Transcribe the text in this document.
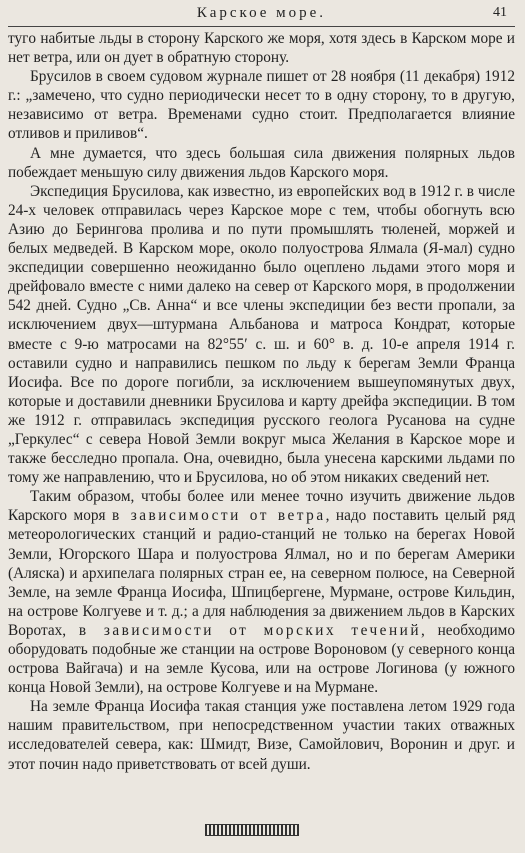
Карское море.	41

тугo набитые льды в сторону Карского же моря, хотя здесь в Карском море и нет ветра, или он дует в обратную сторону.

Брусилов в своем судовом журнале пишет от 28 ноября (11 декабря) 1912 г.: „замечено, что судно периодически несет то в одну сторону, то в другую, независимо от ветра. Временами судно стоит. Предполагается влияние отливов и приливов“.

А мне думается, что здесь большая сила движения полярных льдов побеждает меньшую силу движения льдов Карского моря.

Экспедиция Брусилова, как известно, из европейских вод в 1912 г. в числе 24-х человек отправилась через Карское море с тем, чтобы обогнуть всю Азию до Берингова пролива и по пути промышлять тюленей, моржей и белых медведей. В Карском море, около полуострова Ялмала (Я-мал) судно экспедиции совершенно неожиданно было оцеплено льдами этого моря и дрейфовало вместе с ними далеко на север от Карского моря, в продолжении 542 дней. Судно „Св. Анна“ и все члены экспедиции без вести пропали, за исключением двух—штурмана Альбанова и матроса Кондрат, которые вместе с 9-ю матросами на 82°55′ с. ш. и 60° в. д. 10-е апреля 1914 г. оставили судно и направились пешком по льду к берегам Земли Франца Иосифа. Все по дороге погибли, за исключением вышеупомянутых двух, которые и доставили дневники Брусилова и карту дрейфа экспедиции. В том же 1912 г. отправилась экспедиция русского геолога Русанова на судне „Геркулес“ с севера Новой Земли вокруг мыса Желания в Карское море и также бесследно пропала. Она, очевидно, была унесена карскими льдами по тому же направлению, что и Брусилова, но об этом никаких сведений нет.

Таким образом, чтобы более или менее точно изучить движение льдов Карского моря в зависимости от ветра, надо поставить целый ряд метеорологических станций и радио-станций не только на берегах Новой Земли, Югорского Шара и полуострова Ялмал, но и по берегам Америки (Аляска) и архипелага полярных стран ее, на северном полюсе, на Северной Земле, на земле Франца Иосифа, Шпицбергене, Мурмане, острове Кильдин, на острове Колгуеве и т. д.; а для наблюдения за движением льдов в Карских Воротах, в зависимости от морских течений, необходимо оборудовать подобные же станции на острове Вороновом (у северного конца острова Вайгача) и на земле Кусова, или на острове Логинова (у южного конца Новой Земли), на острове Колгуеве и на Мурмане.

На земле Франца Иосифа такая станция уже поставлена летом 1929 года нашим правительством, при непосредственном участии таких отважных исследователей севера, как: Шмидт, Визе, Самойлович, Воронин и друг. и этот почин надо приветствовать от всей души.
